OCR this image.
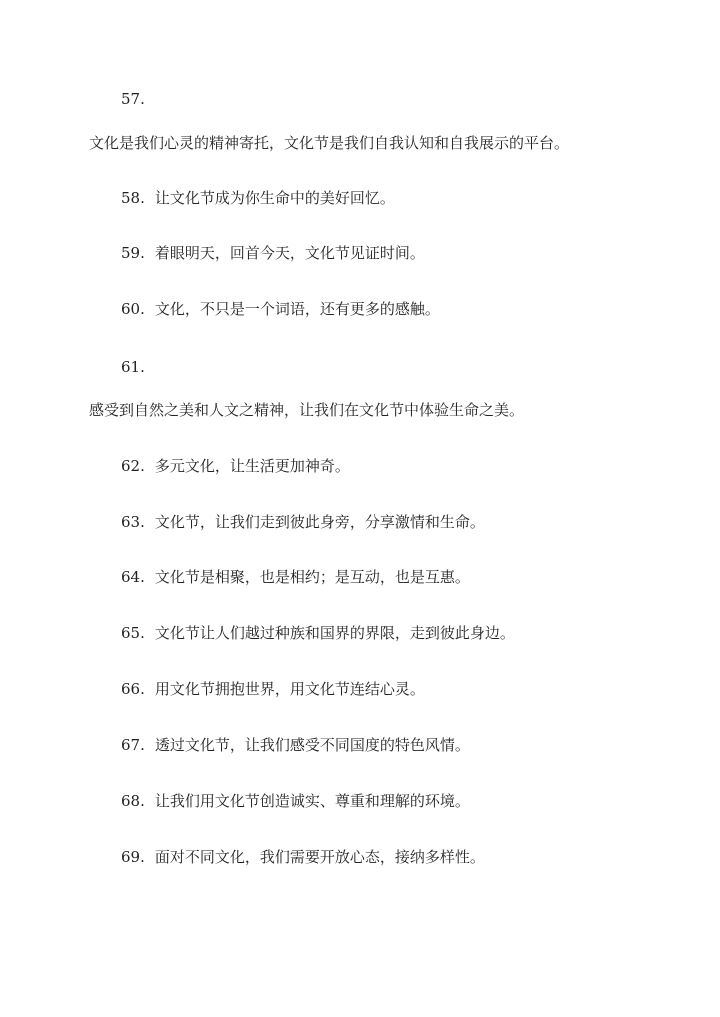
57.
文化是我们心灵的精神寄托，文化节是我们自我认知和自我展示的平台。
58. 让文化节成为你生命中的美好回忆。
59. 着眼明天，回首今天，文化节见证时间。
60. 文化，不只是一个词语，还有更多的感触。
61.
感受到自然之美和人文之精神，让我们在文化节中体验生命之美。
62. 多元文化，让生活更加神奇。
63. 文化节，让我们走到彼此身旁，分享激情和生命。
64. 文化节是相聚，也是相约；是互动，也是互惠。
65. 文化节让人们越过种族和国界的界限，走到彼此身边。
66. 用文化节拥抱世界，用文化节连结心灵。
67. 透过文化节，让我们感受不同国度的特色风情。
68. 让我们用文化节创造诚实、尊重和理解的环境。
69. 面对不同文化，我们需要开放心态，接纳多样性。
